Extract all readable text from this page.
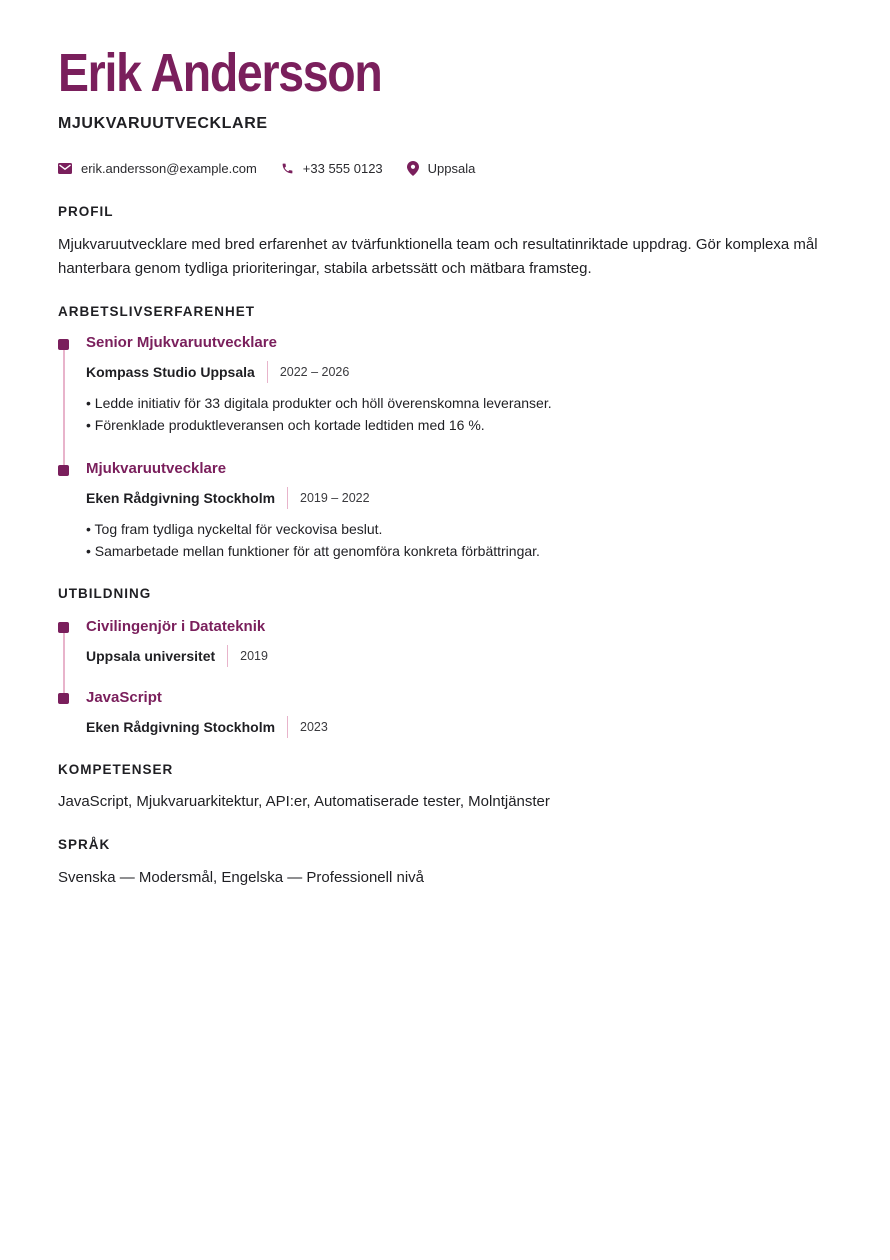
Erik Andersson
MJUKVARUUTVECKLARE
erik.andersson@example.com	+33 555 0123	Uppsala
PROFIL

Mjukvaruutvecklare med bred erfarenhet av tvärfunktionella team och resultatinriktade uppdrag. Gör komplexa mål hanterbara genom tydliga prioriteringar, stabila arbetssätt och mätbara framsteg.

ARBETSLIVSERFARENHET
Senior Mjukvaruutvecklare
Kompass Studio Uppsala 2022 – 2026
• Ledde initiativ för 33 digitala produkter och höll överenskomna leveranser.
• Förenklade produktleveransen och kortade ledtiden med 16 %.
Mjukvaruutvecklare
Eken Rådgivning Stockholm 2019 – 2022
• Tog fram tydliga nyckeltal för veckovisa beslut.
• Samarbetade mellan funktioner för att genomföra konkreta förbättringar.
UTBILDNING
Civilingenjör i Datateknik
Uppsala universitet 2019
JavaScript
Eken Rådgivning Stockholm 2023
KOMPETENSER

JavaScript, Mjukvaruarkitektur, API:er, Automatiserade tester, Molntjänster

SPRÅK

Svenska — Modersmål, Engelska — Professionell nivå
